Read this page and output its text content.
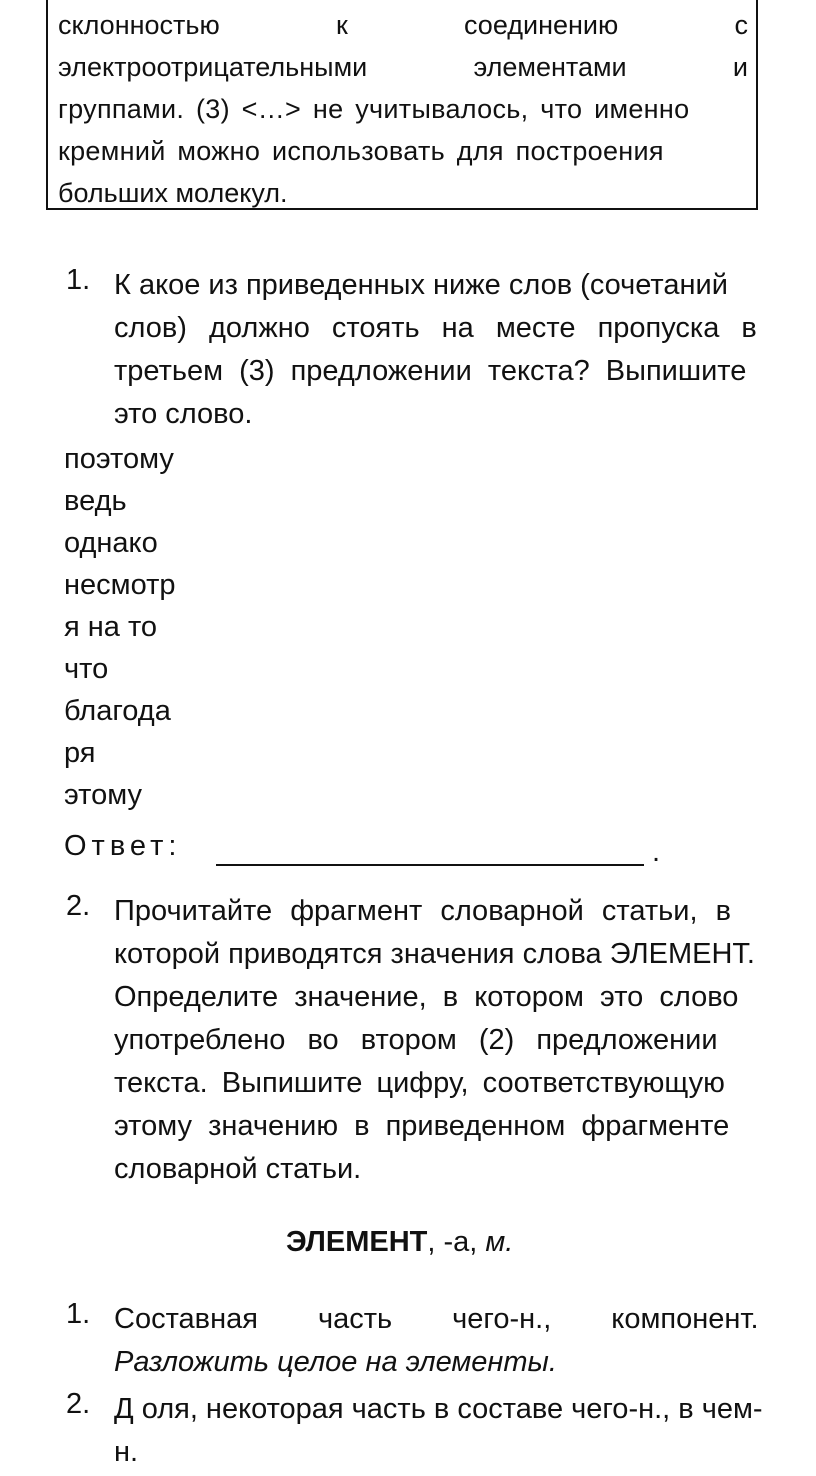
склонностью	к	соединению	с
электроотрицательными	элементами	и
группами. (3) <…> не учитывалось, что именно
кремний можно использовать для построения
больших молекул.
1. К акое из приведенных ниже слов (сочетаний
слов) должно стоять на месте пропуска в
третьем (3) предложении текста? Выпишите
это слово.
поэтому
ведь
однако
несмотр
я на то
что
благода
ря
этому
Ответ:	.
2. Прочитайте фрагмент словарной статьи, в
которой приводятся значения слова ЭЛЕМЕНТ.
Определите значение, в котором это слово
употреблено во втором (2) предложении
текста. Выпишите цифру, соответствующую
этому значению в приведенном фрагменте
словарной статьи.
ЭЛЕМЕНТ, -а, м.
1. Составная часть чего-н., компонент.
Разложить целое на элементы.
2. Д оля, некоторая часть в составе чего-н., в чем-
н.
